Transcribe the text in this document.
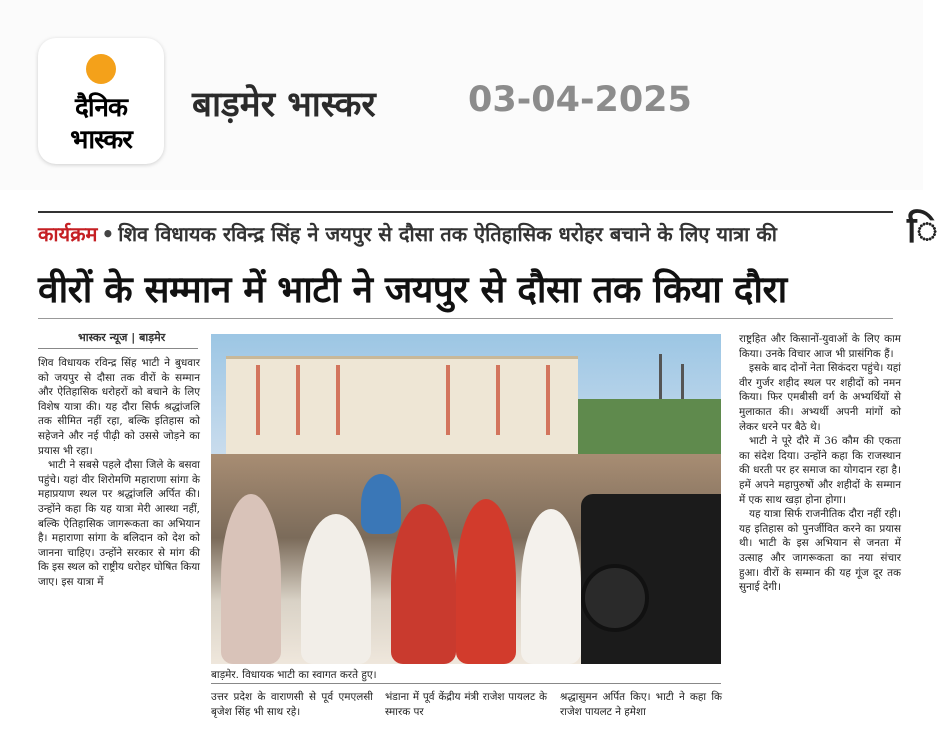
दैनिक
भास्कर
बाड़मेर भास्कर	03-04-2025
कार्यक्रम • शिव विधायक रविन्द्र सिंह ने जयपुर से दौसा तक ऐतिहासिक धरोहर बचाने के लिए यात्रा की
वीरों के सम्मान में भाटी ने जयपुर से दौसा तक किया दौरा
भास्कर न्यूज | बाड़मेर

शिव विधायक रविन्द्र सिंह भाटी ने बुधवार को जयपुर से दौसा तक वीरों के सम्मान और ऐतिहासिक धरोहरों को बचाने के लिए विशेष यात्रा की। यह दौरा सिर्फ श्रद्धांजलि तक सीमित नहीं रहा, बल्कि इतिहास को सहेजने और नई पीढ़ी को उससे जोड़ने का प्रयास भी रहा।

भाटी ने सबसे पहले दौसा जिले के बसवा पहुंचे। यहां वीर शिरोमणि महाराणा सांगा के महाप्रयाण स्थल पर श्रद्धांजलि अर्पित की। उन्होंने कहा कि यह यात्रा मेरी आस्था नहीं, बल्कि ऐतिहासिक जागरूकता का अभियान है। महाराणा सांगा के बलिदान को देश को जानना चाहिए। उन्होंने सरकार से मांग की कि इस स्थल को राष्ट्रीय धरोहर घोषित किया जाए। इस यात्रा में

बाड़मेर. विधायक भाटी का स्वागत करते हुए।
उत्तर प्रदेश के वाराणसी से पूर्व एमएलसी बृजेश सिंह भी साथ रहे।
भंडाना में पूर्व केंद्रीय मंत्री राजेश पायलट के स्मारक पर
श्रद्धासुमन अर्पित किए। भाटी ने कहा कि राजेश पायलट ने हमेशा

राष्ट्रहित और किसानों-युवाओं के लिए काम किया। उनके विचार आज भी प्रासंगिक हैं।

इसके बाद दोनों नेता सिकंदरा पहुंचे। यहां वीर गुर्जर शहीद स्थल पर शहीदों को नमन किया। फिर एमबीसी वर्ग के अभ्यर्थियों से मुलाकात की। अभ्यर्थी अपनी मांगों को लेकर धरने पर बैठे थे।

भाटी ने पूरे दौरे में 36 कौम की एकता का संदेश दिया। उन्होंने कहा कि राजस्थान की धरती पर हर समाज का योगदान रहा है। हमें अपने महापुरुषों और शहीदों के सम्मान में एक साथ खड़ा होना होगा।

यह यात्रा सिर्फ राजनीतिक दौरा नहीं रही। यह इतिहास को पुनर्जीवित करने का प्रयास थी। भाटी के इस अभियान से जनता में उत्साह और जागरूकता का नया संचार हुआ। वीरों के सम्मान की यह गूंज दूर तक सुनाई देगी।

ि
